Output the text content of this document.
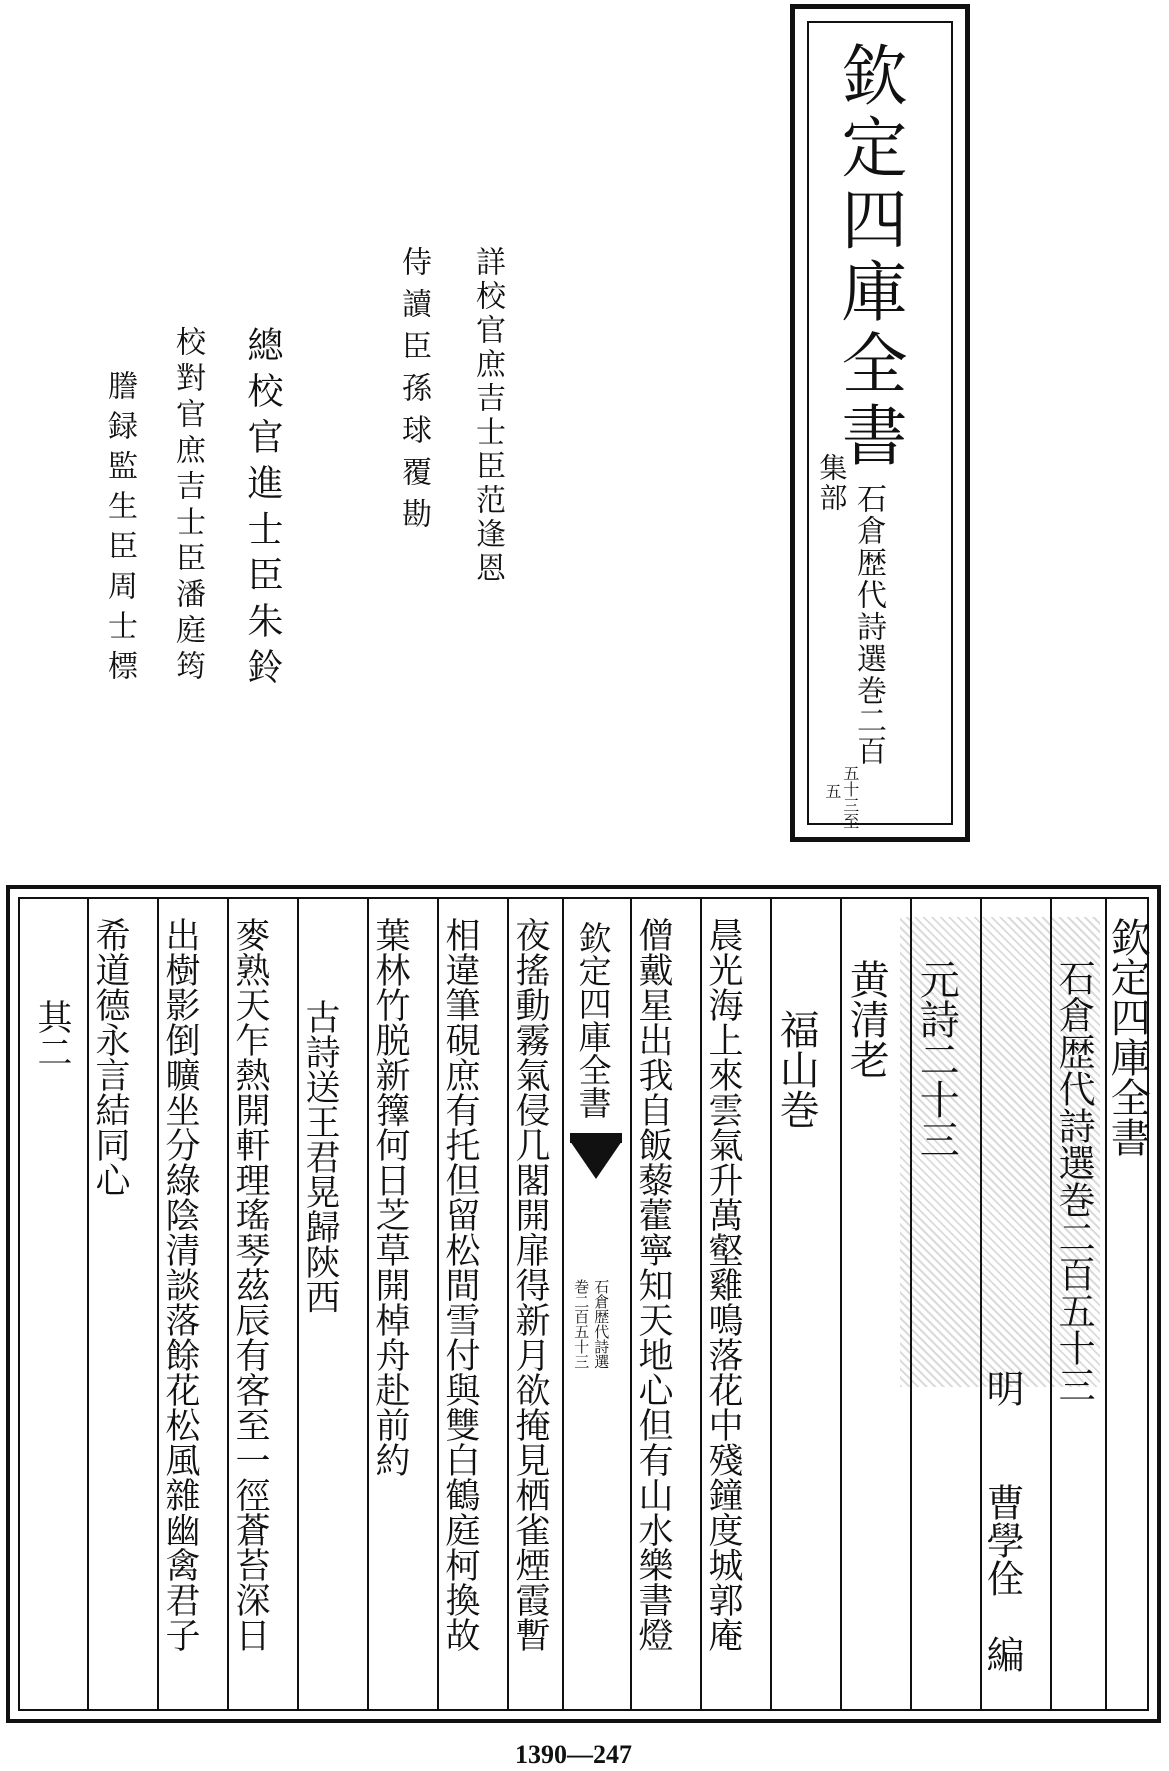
欽定四庫全書
集部 石倉歴代詩選
巻二百
五十三至
五
詳校官庶吉士臣范逢恩
侍讀臣孫球覆勘
總校官進士臣朱鈴
校對官庶吉士臣潘庭筠
謄録監生臣周士標
欽定四庫全書
石倉歴代詩選巻二百五十三
明　　曹學佺　編
元詩二十三
黄清老
福山巻
晨光海上來雲氣升萬壑雞鳴落花中殘鐘度城郭庵
僧戴星出我自飯藜藿寧知天地心但有山水樂書燈
欽定四庫全書
石倉歴代詩選
巻二百五十三
夜搖動霧氣侵几閣開扉得新月欲掩見栖雀煙霞暫
相違筆硯庶有托但留松間雪付與雙白鶴庭柯換故
葉林竹脱新籜何日芝草開棹舟赴前約
古詩送王君晃歸陝西
麥熟天乍熱開軒理瑤琴茲辰有客至一徑蒼苔深日
出樹影倒曠坐分綠陰清談落餘花松風雜幽禽君子
希道德永言結同心
其二
1390—247
